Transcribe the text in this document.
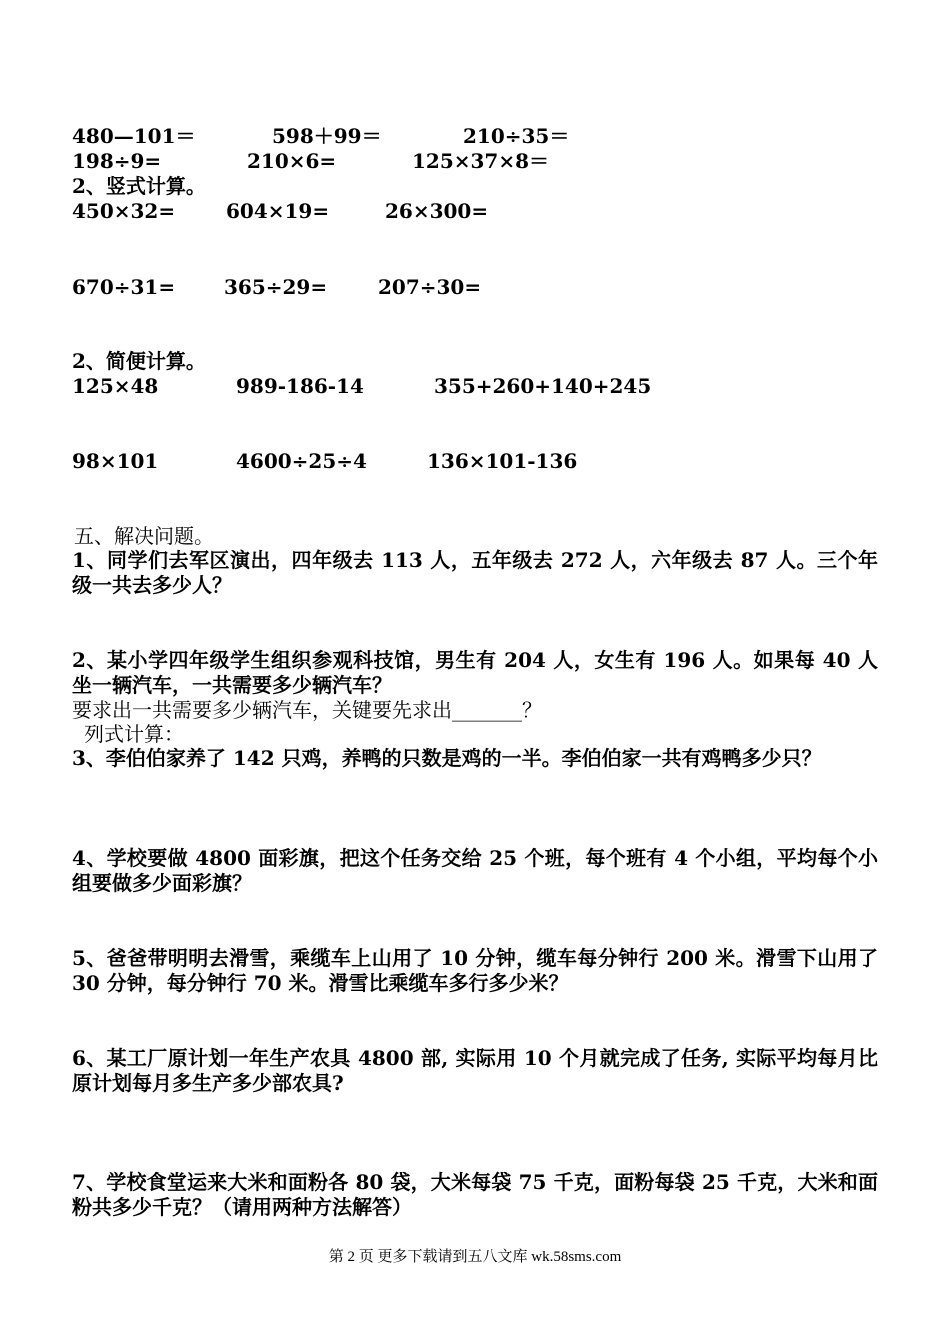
480—101＝	598＋99＝	210÷35＝
198÷9=	210×6=	125×37×8＝
2、竖式计算。
450×32=	604×19=	26×300=
670÷31= 365÷29=	207÷30=
2、简便计算。
125×48	989-186-14	355+260+140+245
98×101	4600÷25÷4	136×101-136
五、解决问题。
1、同学们去军区演出，四年级去 113 人，五年级去 272 人，六年级去 87 人。三个年级一共去多少人？
2、某小学四年级学生组织参观科技馆，男生有 204 人，女生有 196 人。如果每 40 人坐一辆汽车，一共需要多少辆汽车？
要求出一共需要多少辆汽车，关键要先求出_______？
列式计算：
3、李伯伯家养了 142 只鸡，养鸭的只数是鸡的一半。李伯伯家一共有鸡鸭多少只？
4、学校要做 4800 面彩旗，把这个任务交给 25 个班，每个班有 4 个小组，平均每个小组要做多少面彩旗？
5、爸爸带明明去滑雪，乘缆车上山用了 10 分钟，缆车每分钟行 200 米。滑雪下山用了 30 分钟，每分钟行 70 米。滑雪比乘缆车多行多少米？
6、某工厂原计划一年生产农具 4800 部, 实际用 10 个月就完成了任务, 实际平均每月比原计划每月多生产多少部农具?
7、学校食堂运来大米和面粉各 80 袋，大米每袋 75 千克，面粉每袋 25 千克，大米和面粉共多少千克？（请用两种方法解答）
第 2 页 更多下载请到五八文库 wk.58sms.com
